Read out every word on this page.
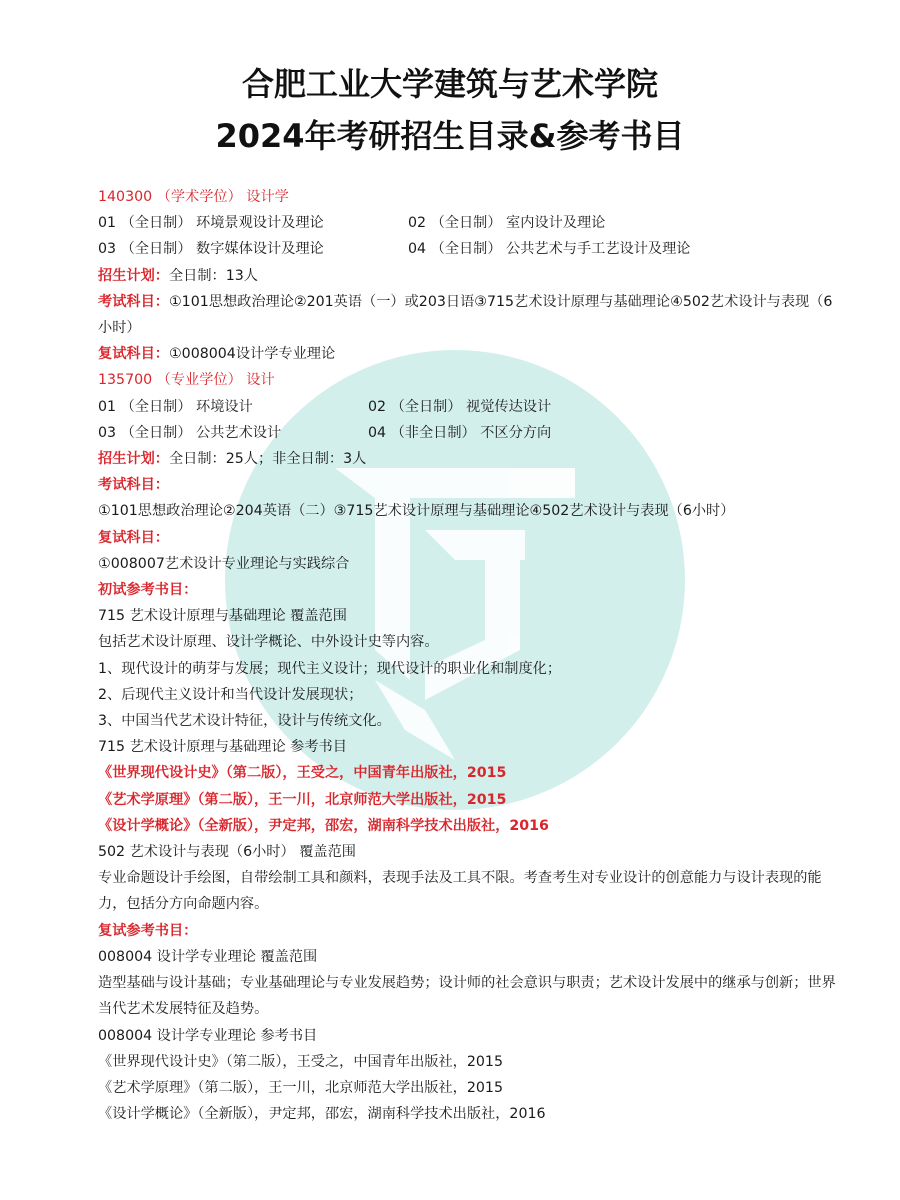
合肥工业大学建筑与艺术学院
2024年考研招生目录&参考书目
140300 （学术学位） 设计学
01 （全日制） 环境景观设计及理论	02 （全日制） 室内设计及理论
03 （全日制） 数字媒体设计及理论	04 （全日制） 公共艺术与手工艺设计及理论
招生计划：全日制：13人
考试科目：①101思想政治理论②201英语（一）或203日语③715艺术设计原理与基础理论④502艺术设计与表现（6小时）
复试科目：①008004设计学专业理论
135700 （专业学位） 设计
01 （全日制） 环境设计	02 （全日制） 视觉传达设计
03 （全日制） 公共艺术设计	04 （非全日制） 不区分方向
招生计划：全日制：25人；非全日制：3人
考试科目：
①101思想政治理论②204英语（二）③715艺术设计原理与基础理论④502艺术设计与表现（6小时）
复试科目：
①008007艺术设计专业理论与实践综合
初试参考书目：
715 艺术设计原理与基础理论 覆盖范围
包括艺术设计原理、设计学概论、中外设计史等内容。
1、现代设计的萌芽与发展；现代主义设计；现代设计的职业化和制度化；
2、后现代主义设计和当代设计发展现状；
3、中国当代艺术设计特征，设计与传统文化。
715 艺术设计原理与基础理论 参考书目
《世界现代设计史》（第二版），王受之，中国青年出版社，2015
《艺术学原理》（第二版），王一川，北京师范大学出版社，2015
《设计学概论》（全新版），尹定邦，邵宏，湖南科学技术出版社，2016
502 艺术设计与表现（6小时） 覆盖范围
专业命题设计手绘图，自带绘制工具和颜料，表现手法及工具不限。考查考生对专业设计的创意能力与设计表现的能力，包括分方向命题内容。
复试参考书目：
008004 设计学专业理论 覆盖范围
造型基础与设计基础；专业基础理论与专业发展趋势；设计师的社会意识与职责；艺术设计发展中的继承与创新；世界当代艺术发展特征及趋势。
008004 设计学专业理论 参考书目
《世界现代设计史》（第二版），王受之，中国青年出版社，2015
《艺术学原理》（第二版），王一川，北京师范大学出版社，2015
《设计学概论》（全新版），尹定邦，邵宏，湖南科学技术出版社，2016
